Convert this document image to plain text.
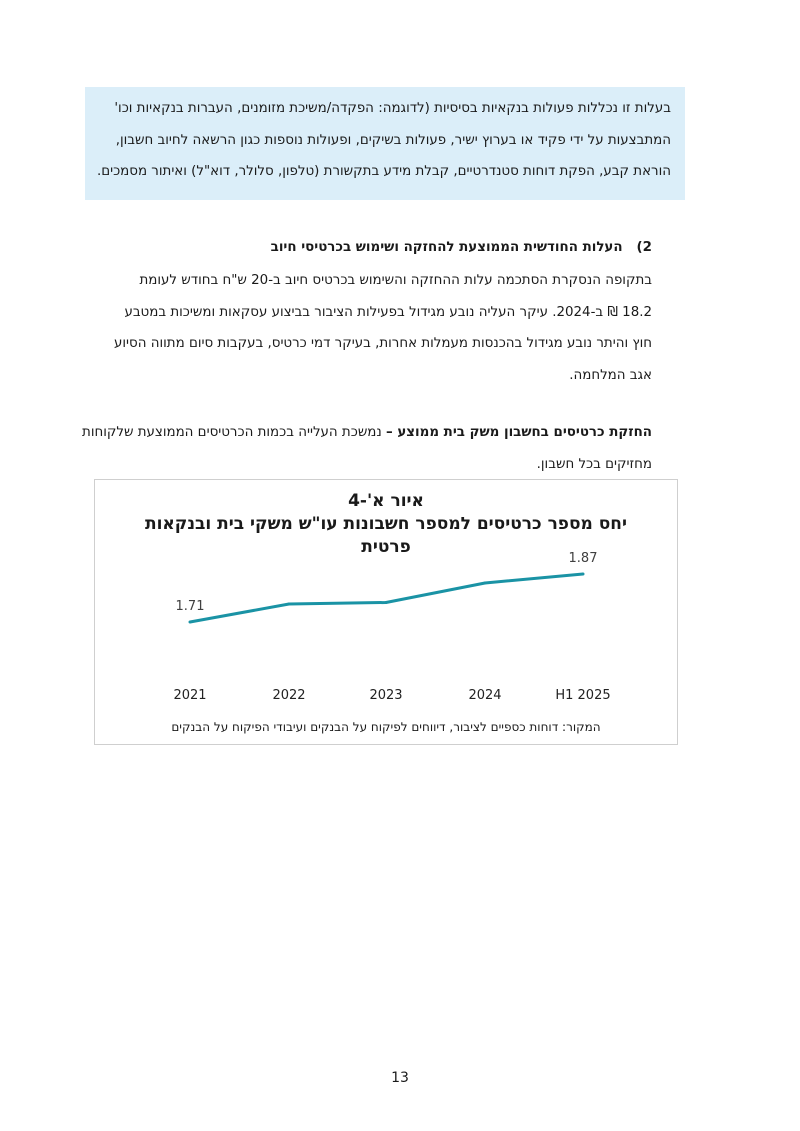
בעלות זו נכללות פעולות בנקאיות בסיסיות (לדוגמה: הפקדה/משיכת מזומנים, העברות בנקאיות וכו'

המתבצעות על ידי פקיד או בערוץ ישיר, פעולות בשיקים, ופעולות נוספות כגון הרשאה לחיוב חשבון,

הוראת קבע, הפקת דוחות סטנדרטיים, קבלת מידע בתקשורת (טלפון, סלולר, דוא"ל) ואיתור מסמכים.

2)העלות החודשית הממוצעת להחזקה ושימוש בכרטיסי חיוב
בתקופה הנסקרת הסתכמה עלות ההחזקה והשימוש בכרטיס חיוב ב-20 ש"ח בחודש לעומת
18.2 ₪ ב-2024. עיקר העליה נובע מגידול בפעילות הציבור בביצוע עסקאות ומשיכות במטבע
חוץ והיתר נובע מגידול בהכנסות מעמלות אחרות, בעיקר דמי כרטיס, בעקבות סיום מתווה הסיוע
אגב המלחמה.
החזקת כרטיסים בחשבון משק בית ממוצע – נמשכת העלייה בכמות הכרטיסים הממוצעת שלקוחות
מחזיקים בכל חשבון.
איור א'-4
יחס מספר כרטיסים למספר חשבונות עו"ש משקי בית ובנקאות
פרטית
1.71
1.87
2021	2022	2023	2024	H1 2025
המקור: דוחות כספיים לציבור, דיווחים לפיקוח על הבנקים ועיבודי הפיקוח על הבנקים
13
